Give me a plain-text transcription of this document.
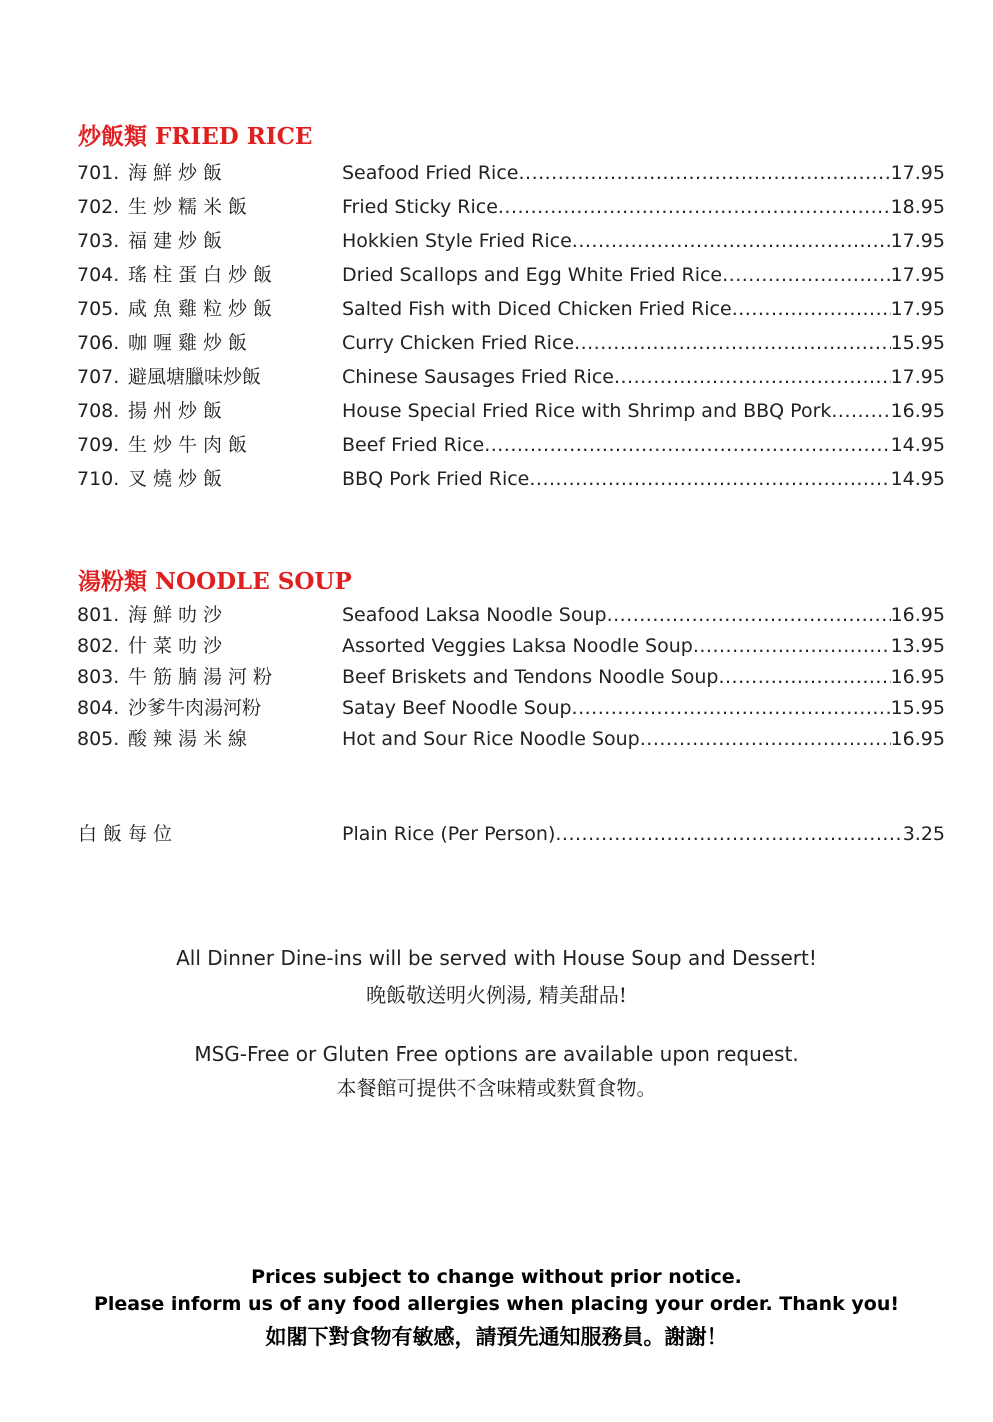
炒飯類 FRIED RICE
701. 海鮮炒飯	Seafood Fried Rice .....	17.95
702. 生炒糯米飯	Fried Sticky Rice .....	18.95
703. 福建炒飯	Hokkien Style Fried Rice .....	17.95
704. 瑤柱蛋白炒飯	Dried Scallops and Egg White Fried Rice .....	17.95
705. 咸魚雞粒炒飯	Salted Fish with Diced Chicken Fried Rice .....	17.95
706. 咖喱雞炒飯	Curry Chicken Fried Rice .....	15.95
707. 避風塘臘味炒飯	Chinese Sausages Fried Rice .....	17.95
708. 揚州炒飯	House Special Fried Rice with Shrimp and BBQ Pork .....	16.95
709. 生炒牛肉飯	Beef Fried Rice .....	14.95
710. 叉燒炒飯	BBQ Pork Fried Rice .....	14.95
湯粉類 NOODLE SOUP
801. 海鮮叻沙	Seafood Laksa Noodle Soup .....	16.95
802. 什菜叻沙	Assorted Veggies Laksa Noodle Soup .....	13.95
803. 牛筋腩湯河粉	Beef Briskets and Tendons Noodle Soup .....	16.95
804. 沙爹牛肉湯河粉	Satay Beef Noodle Soup .....	15.95
805. 酸辣湯米線	Hot and Sour Rice Noodle Soup .....	16.95
白飯每位	Plain Rice (Per Person) .....	3.25
All Dinner Dine-ins will be served with House Soup and Dessert!
晚飯敬送明火例湯, 精美甜品!
MSG-Free or Gluten Free options are available upon request.
本餐館可提供不含味精或麩質食物。
Prices subject to change without prior notice.
Please inform us of any food allergies when placing your order. Thank you!
如閣下對食物有敏感，請預先通知服務員。謝謝！
